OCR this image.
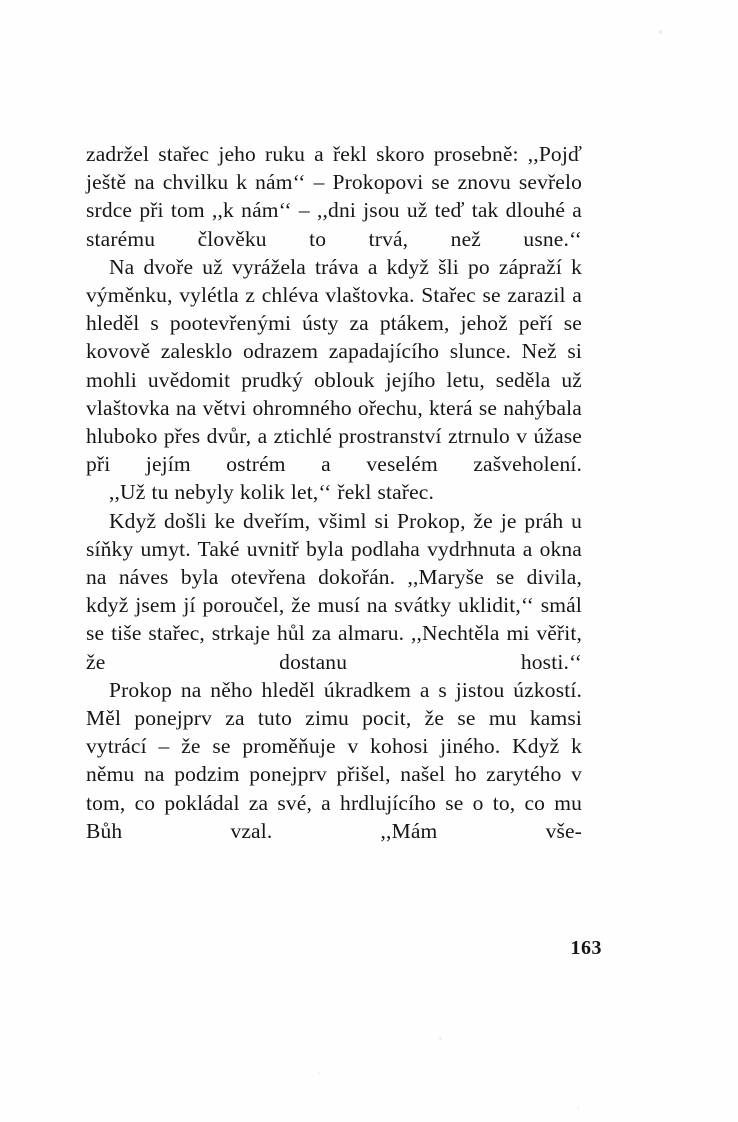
zadržel stařec jeho ruku a řekl skoro prosebně: ,,Pojď ještě na chvilku k nám‘‘ – Prokopovi se znovu sevřelo srdce při tom ,,k nám‘‘ – ,,dni jsou už teď tak dlouhé a starému člověku to trvá, než usne.‘‘

Na dvoře už vyrážela tráva a když šli po zápraží k výměnku, vylétla z chléva vlaštovka. Stařec se zarazil a hleděl s pootevřenými ústy za ptákem, jehož peří se kovově zalesklo odrazem zapadajícího slunce. Než si mohli uvědomit prudký oblouk jejího letu, seděla už vlaštovka na větvi ohromného ořechu, která se nahýbala hluboko přes dvůr, a ztichlé prostranství ztrnulo v úžase při jejím ostrém a veselém zašveholení.

,,Už tu nebyly kolik let,‘‘ řekl stařec.

Když došli ke dveřím, všiml si Prokop, že je práh u síňky umyt. Také uvnitř byla podlaha vydrhnuta a okna na náves byla otevřena dokořán. ,,Maryše se divila, když jsem jí poroučel, že musí na svátky uklidit,‘‘ smál se tiše stařec, strkaje hůl za almaru. ,,Nechtěla mi věřit, že dostanu hosti.‘‘

Prokop na něho hleděl úkradkem a s jistou úzkostí. Měl ponejprv za tuto zimu pocit, že se mu kamsi vytrácí – že se proměňuje v kohosi jiného. Když k němu na podzim ponejprv přišel, našel ho zarytého v tom, co pokládal za své, a hrdlujícího se o to, co mu Bůh vzal. ,,Mám vše-

163
